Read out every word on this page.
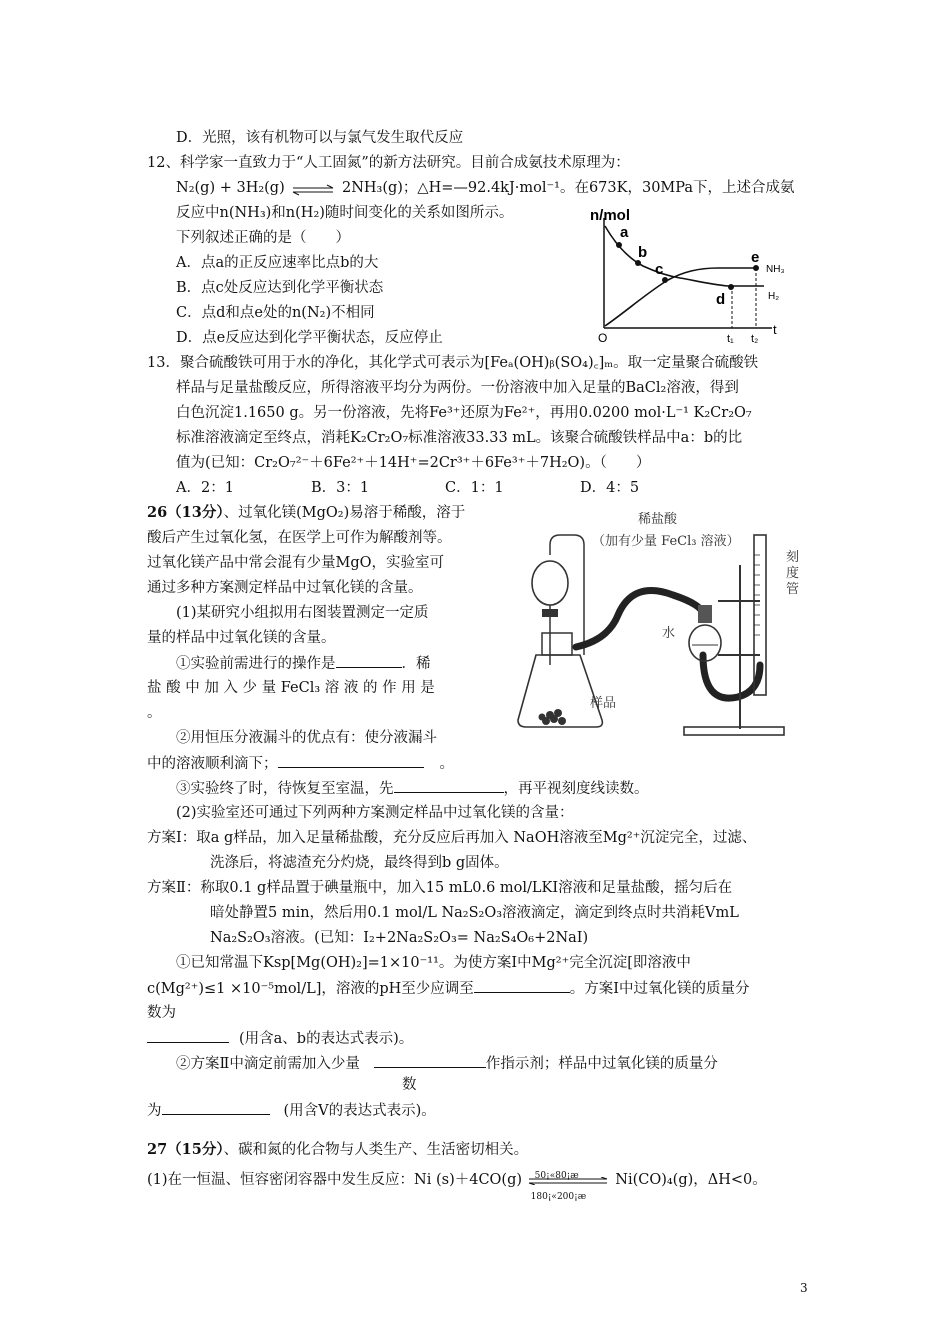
D．光照，该有机物可以与氯气发生取代反应
12、科学家一直致力于“人工固氮”的新方法研究。目前合成氨技术原理为：
N₂(g) + 3H₂(g) ⇌ 2NH₃(g)；△H=—92.4kJ·mol⁻¹。在673K，30MPa下，上述合成氨
反应中n(NH₃)和n(H₂)随时间变化的关系如图所示。
下列叙述正确的是（　　）
A．点a的正反应速率比点b的大
B．点c处反应达到化学平衡状态
C．点d和点e处的n(N₂)不相同
D．点e反应达到化学平衡状态，反应停止
n/mol
O
t
a
b
c
d
e
NH₃
H₂
t₁ t₂
13．聚合硫酸铁可用于水的净化，其化学式可表示为[Feₐ(OH)ᵦ(SO₄)꜀]ₘ。取一定量聚合硫酸铁
样品与足量盐酸反应，所得溶液平均分为两份。一份溶液中加入足量的BaCl₂溶液，得到
白色沉淀1.1650 g。另一份溶液，先将Fe³⁺还原为Fe²⁺，再用0.0200 mol·L⁻¹ K₂Cr₂O₇
标准溶液滴定至终点，消耗K₂Cr₂O₇标准溶液33.33 mL。该聚合硫酸铁样品中a：b的比
值为(已知：Cr₂O₇²⁻＋6Fe²⁺＋14H⁺=2Cr³⁺＋6Fe³⁺＋7H₂O)。（　　）
A．2：1	B．3：1	C．1：1	D．4：5
26（13分）、过氧化镁(MgO₂)易溶于稀酸，溶于
酸后产生过氧化氢，在医学上可作为解酸剂等。
过氧化镁产品中常会混有少量MgO，实验室可
通过多种方案测定样品中过氧化镁的含量。
(1)某研究小组拟用右图装置测定一定质
量的样品中过氧化镁的含量。
①实验前需进行的操作是	．稀
盐 酸 中 加 入 少 量 FeCl₃ 溶 液 的 作 用 是
。
②用恒压分液漏斗的优点有：使分液漏斗
中的溶液顺利滴下；	。
③实验终了时，待恢复至室温，先	，再平视刻度线读数。
(2)实验室还可通过下列两种方案测定样品中过氧化镁的含量：
方案Ⅰ：取a g样品，加入足量稀盐酸，充分反应后再加入 NaOH溶液至Mg²⁺沉淀完全，过滤、
洗涤后，将滤渣充分灼烧，最终得到b g固体。
方案Ⅱ：称取0.1 g样品置于碘量瓶中，加入15 mL0.6 mol/LKI溶液和足量盐酸，摇匀后在
暗处静置5 min，然后用0.1 mol/L Na₂S₂O₃溶液滴定，滴定到终点时共消耗VmL
Na₂S₂O₃溶液。(已知：I₂+2Na₂S₂O₃= Na₂S₄O₆+2NaI)
①已知常温下Ksp[Mg(OH)₂]=1×10⁻¹¹。为使方案Ⅰ中Mg²⁺完全沉淀[即溶液中
c(Mg²⁺)≤1 ×10⁻⁵mol/L]，溶液的pH至少应调至	。方案Ⅰ中过氧化镁的质量分
数为
(用含a、b的表达式表示)。
②方案Ⅱ中滴定前需加入少量	作指示剂；样品中过氧化镁的质量分
数
为	(用含V的表达式表示)。
27（15分）、碳和氮的化合物与人类生产、生活密切相关。
(1)在一恒温、恒容密闭容器中发生反应：Ni (s)＋4CO(g) 50¡«80¡æ
180¡«200¡æ
Ni(CO)₄(g)，ΔH<0。
稀盐酸
（加有少量 FeCl₃ 溶液）
刻
度
管
水
样品
3
